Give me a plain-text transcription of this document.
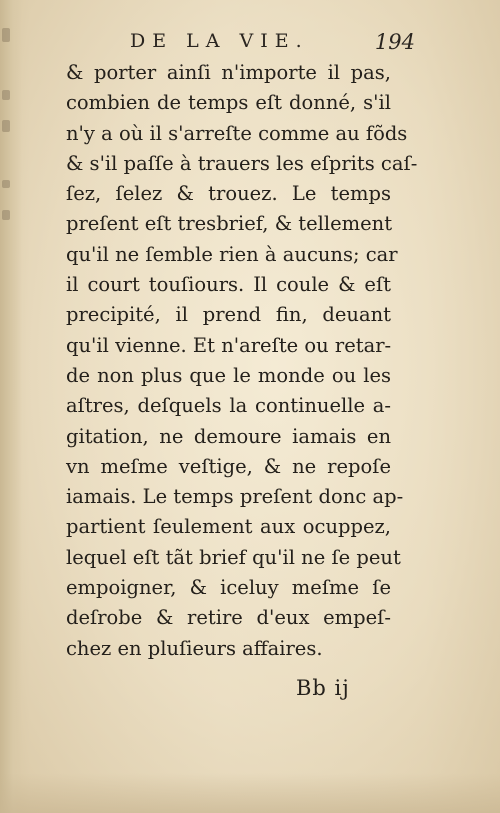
DE LA VIE.	194
& porter ainſi n'importe il pas,
combien de temps eſt donné, s'il
n'y a où il s'arreſte comme au fõds
& s'il paſſe à trauers les eſprits caſ-
ſez, ſelez & trouez. Le temps
preſent eſt tresbrief, & tellement
qu'il ne ſemble rien à aucuns; car
il court touſiours. Il coule & eſt
precipité, il prend fin, deuant
qu'il vienne. Et n'areſte ou retar-
de non plus que le monde ou les
aſtres, deſquels la continuelle a-
gitation, ne demoure iamais en
vn meſme veſtige, & ne repoſe
iamais. Le temps preſent donc ap-
partient ſeulement aux ocuppez,
lequel eſt tãt brief qu'il ne ſe peut
empoigner, & iceluy meſme ſe
deſrobe & retire d'eux empeſ-
chez en pluſieurs affaires.
Bb ij
